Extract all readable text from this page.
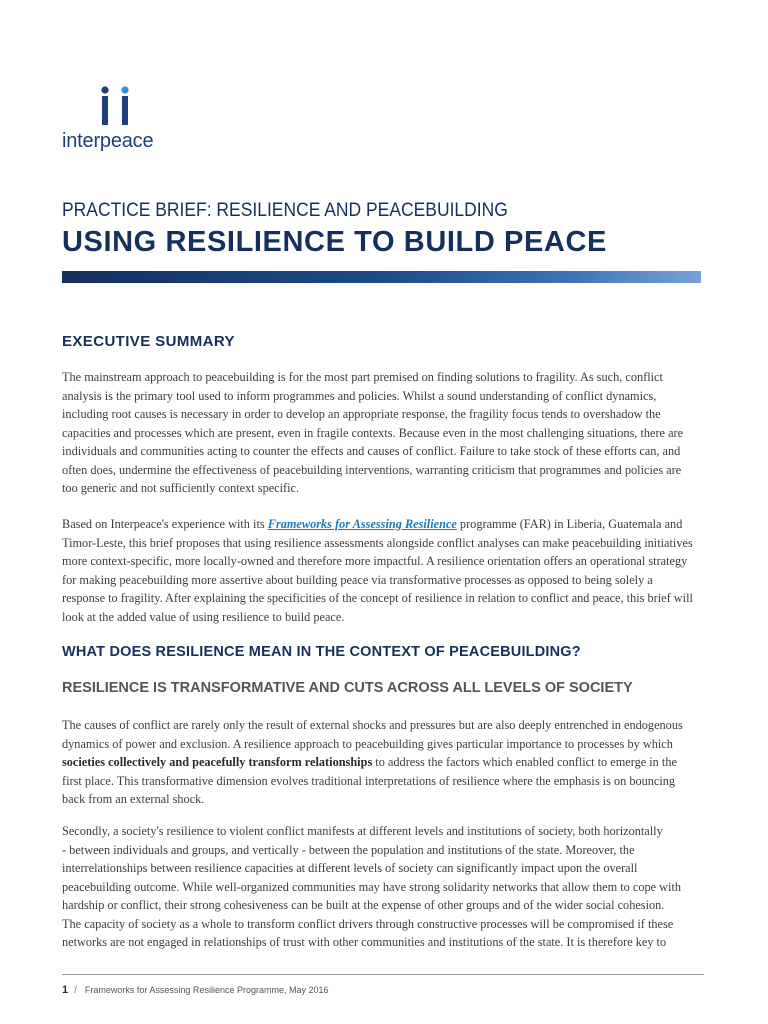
interpeace
PRACTICE BRIEF: RESILIENCE AND PEACEBUILDING
USING RESILIENCE TO BUILD PEACE
EXECUTIVE SUMMARY
The mainstream approach to peacebuilding is for the most part premised on finding solutions to fragility. As such, conflict
analysis is the primary tool used to inform programmes and policies. Whilst a sound understanding of conflict dynamics,
including root causes is necessary in order to develop an appropriate response, the fragility focus tends to overshadow the
capacities and processes which are present, even in fragile contexts. Because even in the most challenging situations, there are
individuals and communities acting to counter the effects and causes of conflict. Failure to take stock of these efforts can, and
often does, undermine the effectiveness of peacebuilding interventions, warranting criticism that programmes and policies are
too generic and not sufficiently context specific.
Based on Interpeace's experience with its Frameworks for Assessing Resilience programme (FAR) in Liberia, Guatemala and
Timor-Leste, this brief proposes that using resilience assessments alongside conflict analyses can make peacebuilding initiatives
more context-specific, more locally-owned and therefore more impactful. A resilience orientation offers an operational strategy
for making peacebuilding more assertive about building peace via transformative processes as opposed to being solely a
response to fragility. After explaining the specificities of the concept of resilience in relation to conflict and peace, this brief will
look at the added value of using resilience to build peace.
WHAT DOES RESILIENCE MEAN IN THE CONTEXT OF PEACEBUILDING?
RESILIENCE IS TRANSFORMATIVE AND CUTS ACROSS ALL LEVELS OF SOCIETY
The causes of conflict are rarely only the result of external shocks and pressures but are also deeply entrenched in endogenous
dynamics of power and exclusion. A resilience approach to peacebuilding gives particular importance to processes by which
societies collectively and peacefully transform relationships to address the factors which enabled conflict to emerge in the
first place. This transformative dimension evolves traditional interpretations of resilience where the emphasis is on bouncing
back from an external shock.
Secondly, a society's resilience to violent conflict manifests at different levels and institutions of society, both horizontally
- between individuals and groups, and vertically - between the population and institutions of the state. Moreover, the
interrelationships between resilience capacities at different levels of society can significantly impact upon the overall
peacebuilding outcome. While well-organized communities may have strong solidarity networks that allow them to cope with
hardship or conflict, their strong cohesiveness can be built at the expense of other groups and of the wider social cohesion.
The capacity of society as a whole to transform conflict drivers through constructive processes will be compromised if these
networks are not engaged in relationships of trust with other communities and institutions of the state. It is therefore key to
1 / Frameworks for Assessing Resilience Programme, May 2016
